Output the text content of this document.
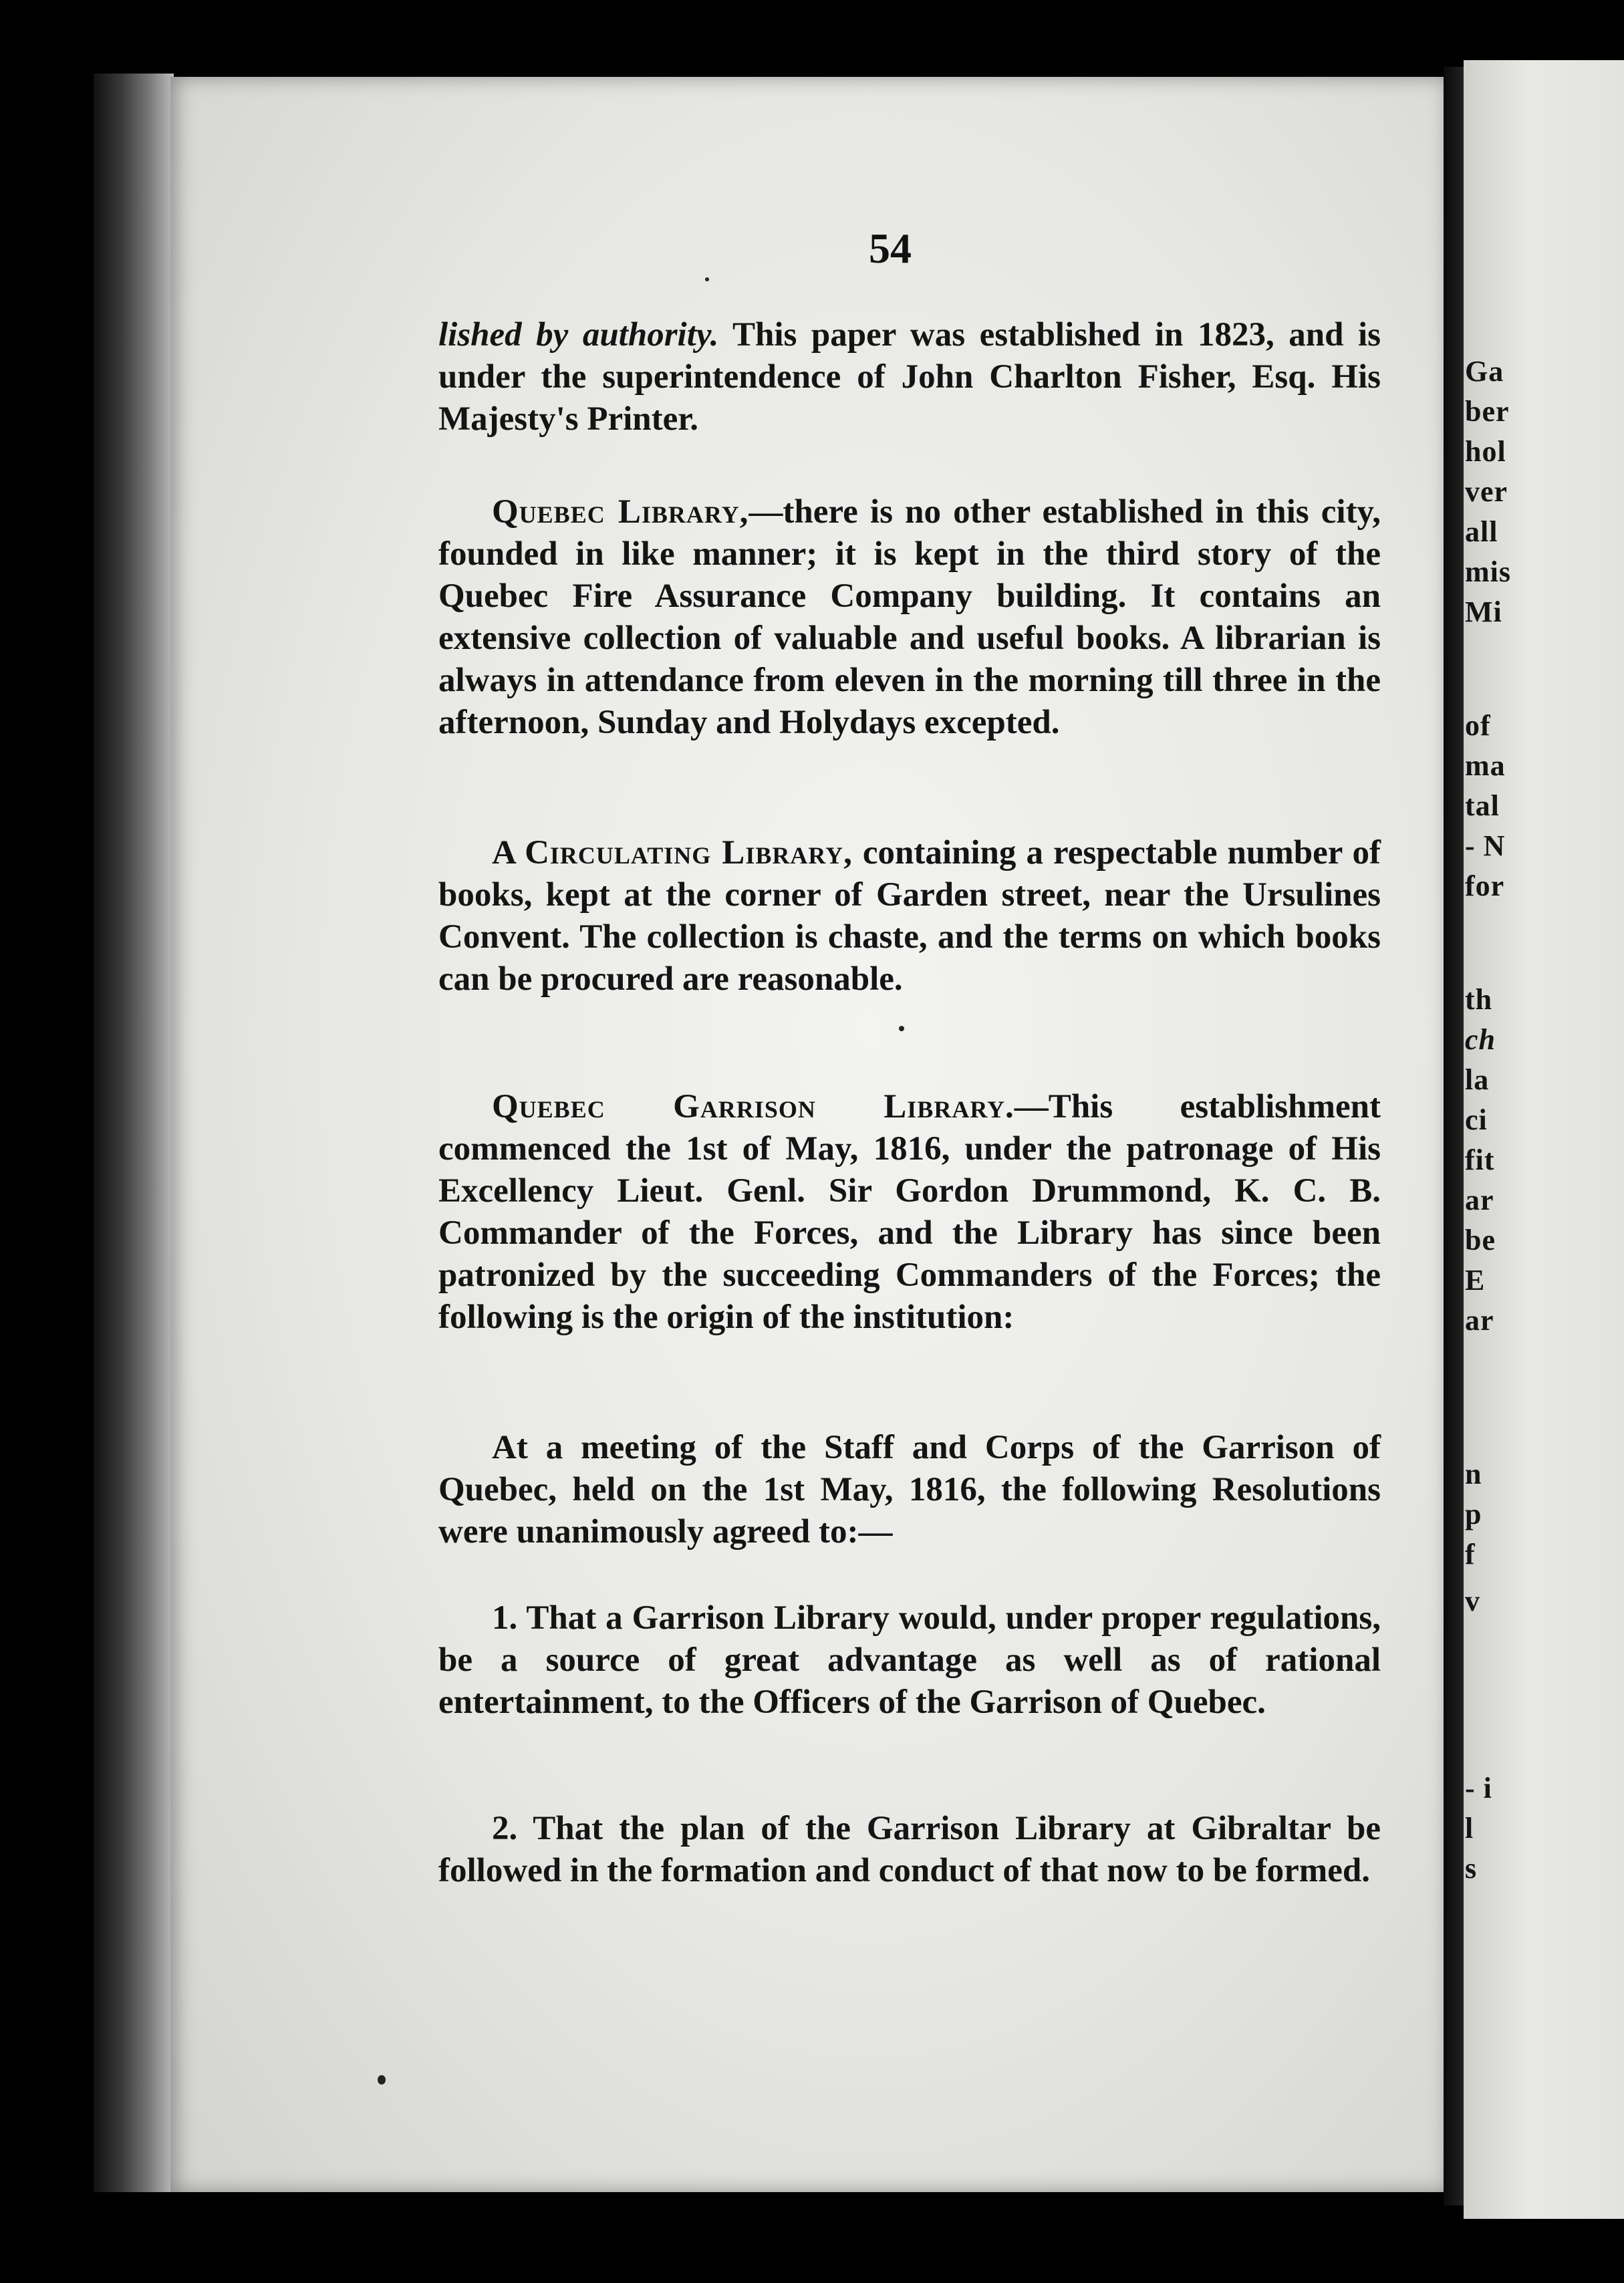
Ga
ber
hol
ver
all
mis
Mi
of
ma
tal
- N
for
th
ch
la
ci
fit
ar
be
E
ar
n
p
f
v
- i
l
s
54

lished by authority. This paper was established in 1823, and is under the superintendence of John Charlton Fisher, Esq. His Majesty's Printer.

Quebec Library,—there is no other established in this city, founded in like manner; it is kept in the third story of the Quebec Fire Assurance Company building. It contains an extensive collection of valuable and useful books. A librarian is always in attendance from eleven in the morning till three in the afternoon, Sunday and Holydays excepted.

A Circulating Library, containing a respectable number of books, kept at the corner of Garden street, near the Ursulines Convent. The collection is chaste, and the terms on which books can be procured are reasonable.

Quebec Garrison Library.—This establishment commenced the 1st of May, 1816, under the patronage of His Excellency Lieut. Genl. Sir Gordon Drummond, K. C. B. Commander of the Forces, and the Library has since been patronized by the succeeding Commanders of the Forces; the following is the origin of the institution:

At a meeting of the Staff and Corps of the Garrison of Quebec, held on the 1st May, 1816, the following Resolutions were unanimously agreed to:—

1. That a Garrison Library would, under proper regulations, be a source of great advantage as well as of rational entertainment, to the Officers of the Garrison of Quebec.

2. That the plan of the Garrison Library at Gibraltar be followed in the formation and conduct of that now to be formed.
